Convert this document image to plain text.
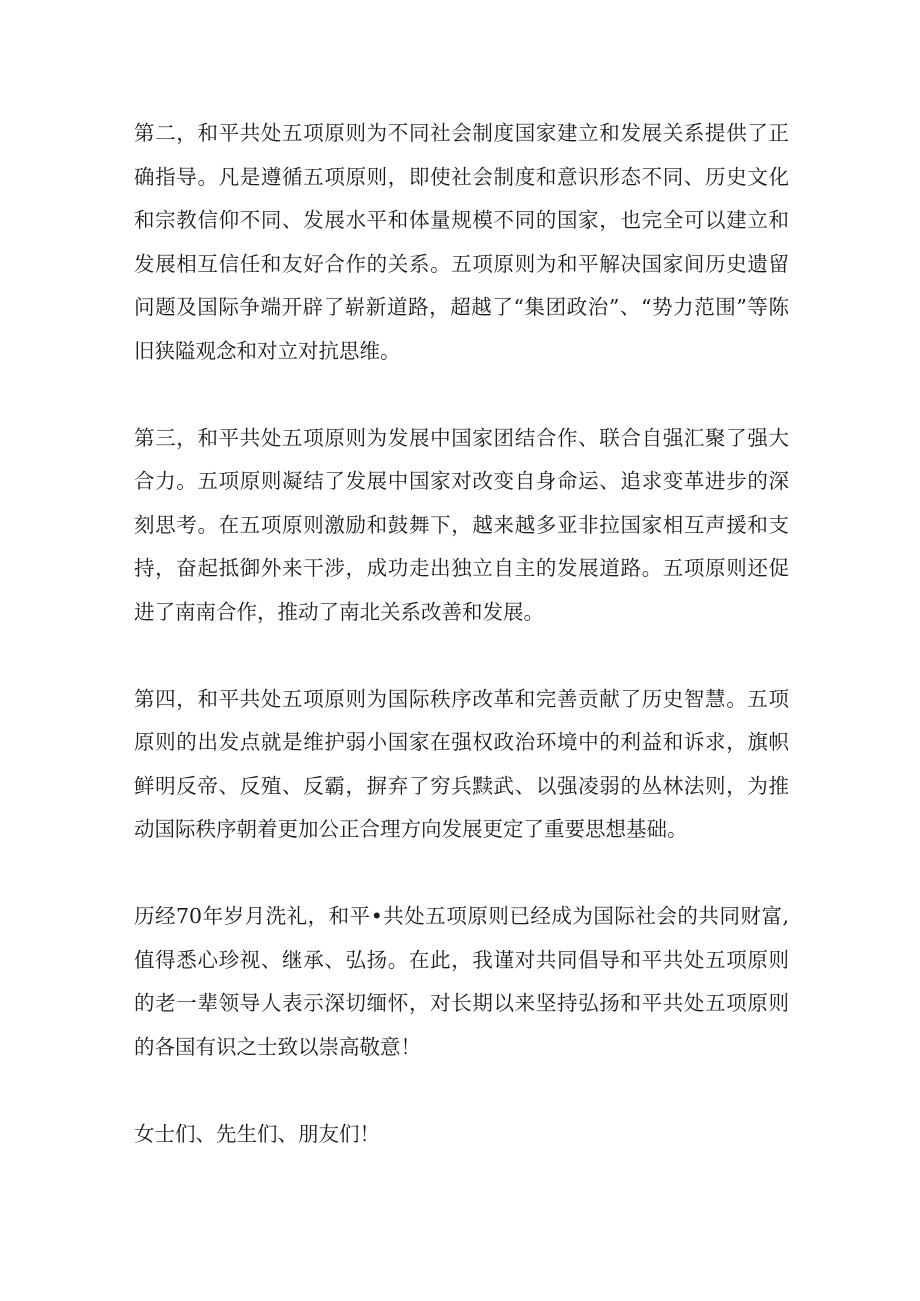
第二，和平共处五项原则为不同社会制度国家建立和发展关系提供了正确指导。凡是遵循五项原则，即使社会制度和意识形态不同、历史文化和宗教信仰不同、发展水平和体量规模不同的国家，也完全可以建立和发展相互信任和友好合作的关系。五项原则为和平解决国家间历史遗留问题及国际争端开辟了崭新道路，超越了“集团政治”、“势力范围”等陈旧狭隘观念和对立对抗思维。

第三，和平共处五项原则为发展中国家团结合作、联合自强汇聚了强大合力。五项原则凝结了发展中国家对改变自身命运、追求变革进步的深刻思考。在五项原则激励和鼓舞下，越来越多亚非拉国家相互声援和支持，奋起抵御外来干涉，成功走出独立自主的发展道路。五项原则还促进了南南合作，推动了南北关系改善和发展。

第四，和平共处五项原则为国际秩序改革和完善贡献了历史智慧。五项原则的出发点就是维护弱小国家在强权政治环境中的利益和诉求，旗帜鲜明反帝、反殖、反霸，摒弃了穷兵黩武、以强凌弱的丛林法则，为推动国际秩序朝着更加公正合理方向发展更定了重要思想基础。

历经70年岁月洗礼，和平•共处五项原则已经成为国际社会的共同财富,值得悉心珍视、继承、弘扬。在此，我谨对共同倡导和平共处五项原则的老一辈领导人表示深切缅怀，对长期以来坚持弘扬和平共处五项原则的各国有识之士致以崇高敬意！

女士们、先生们、朋友们！
